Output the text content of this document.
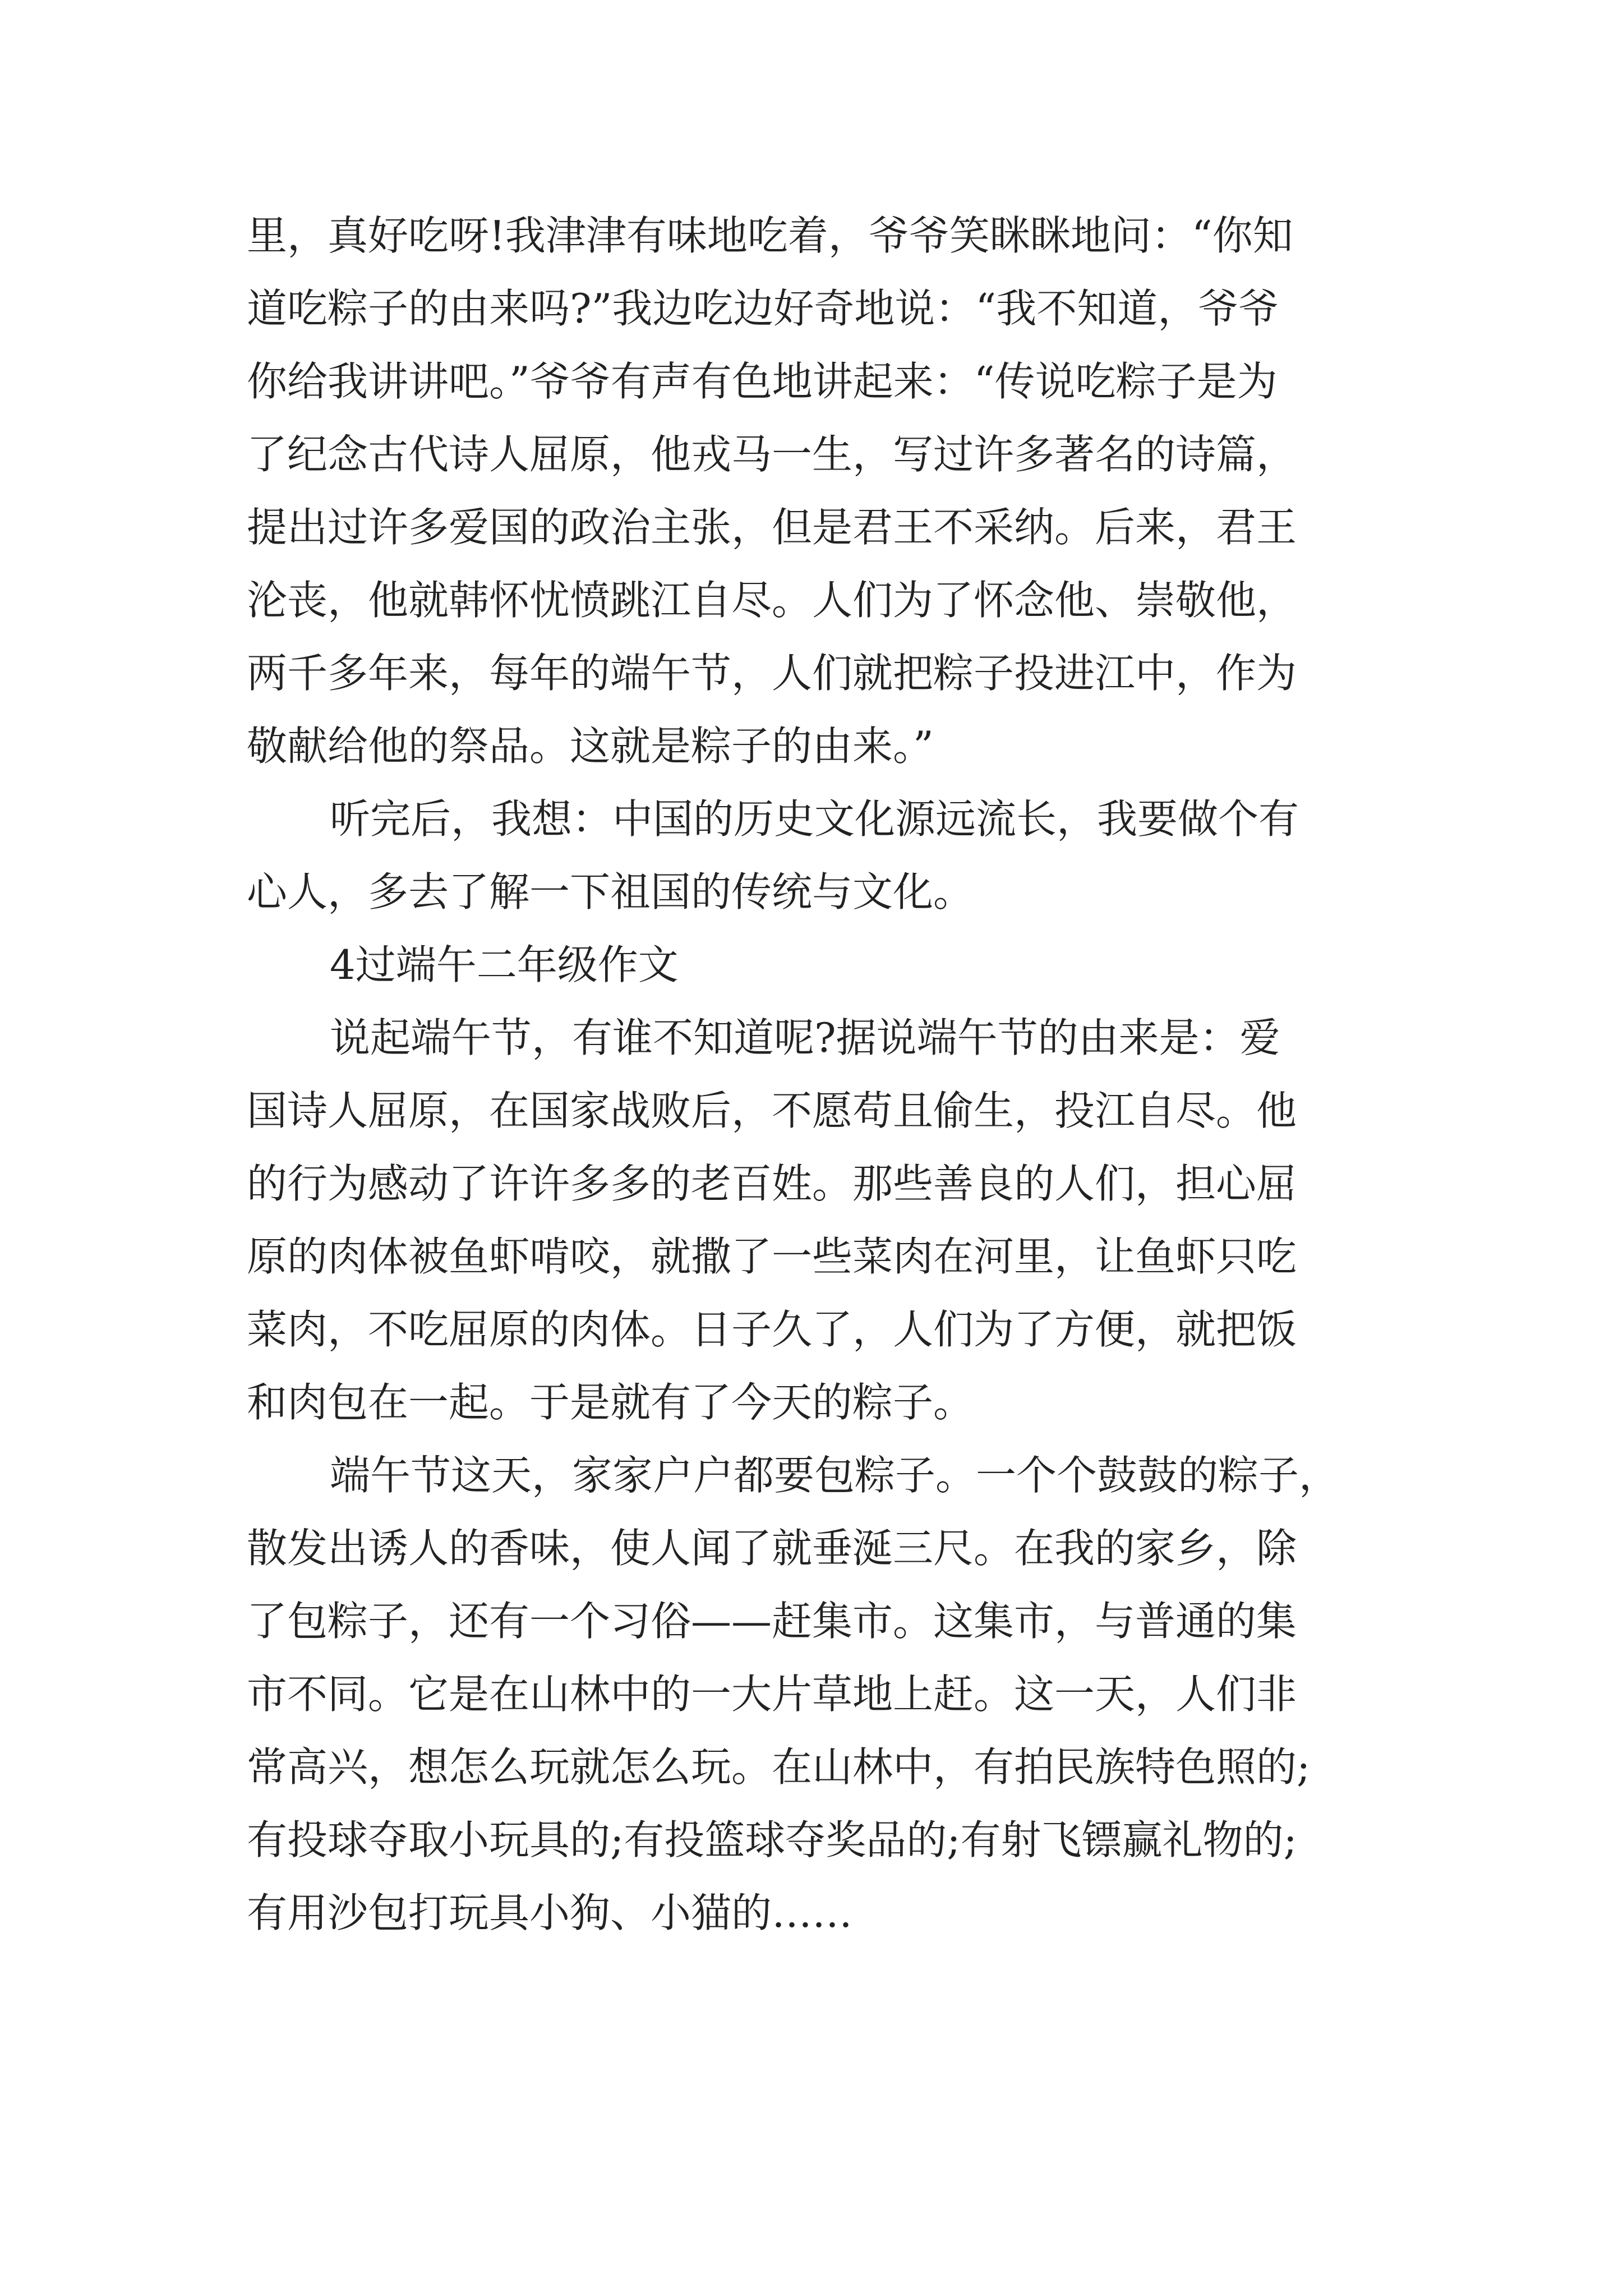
里，真好吃呀!我津津有味地吃着，爷爷笑眯眯地问：“你知

道吃粽子的由来吗?”我边吃边好奇地说：“我不知道，爷爷

你给我讲讲吧。”爷爷有声有色地讲起来：“传说吃粽子是为

了纪念古代诗人屈原，他戎马一生，写过许多著名的诗篇，

提出过许多爱国的政治主张，但是君王不采纳。后来，君王

沦丧，他就韩怀忧愤跳江自尽。人们为了怀念他、崇敬他，

两千多年来，每年的端午节，人们就把粽子投进江中，作为

敬献给他的祭品。这就是粽子的由来。”

听完后，我想：中国的历史文化源远流长，我要做个有

心人，多去了解一下祖国的传统与文化。

4过端午二年级作文

说起端午节，有谁不知道呢?据说端午节的由来是：爱

国诗人屈原，在国家战败后，不愿苟且偷生，投江自尽。他

的行为感动了许许多多的老百姓。那些善良的人们，担心屈

原的肉体被鱼虾啃咬，就撒了一些菜肉在河里，让鱼虾只吃

菜肉，不吃屈原的肉体。日子久了，人们为了方便，就把饭

和肉包在一起。于是就有了今天的粽子。

端午节这天，家家户户都要包粽子。一个个鼓鼓的粽子，

散发出诱人的香味，使人闻了就垂涎三尺。在我的家乡，除

了包粽子，还有一个习俗——赶集市。这集市，与普通的集

市不同。它是在山林中的一大片草地上赶。这一天，人们非

常高兴，想怎么玩就怎么玩。在山林中，有拍民族特色照的;

有投球夺取小玩具的;有投篮球夺奖品的;有射飞镖赢礼物的;

有用沙包打玩具小狗、小猫的……
